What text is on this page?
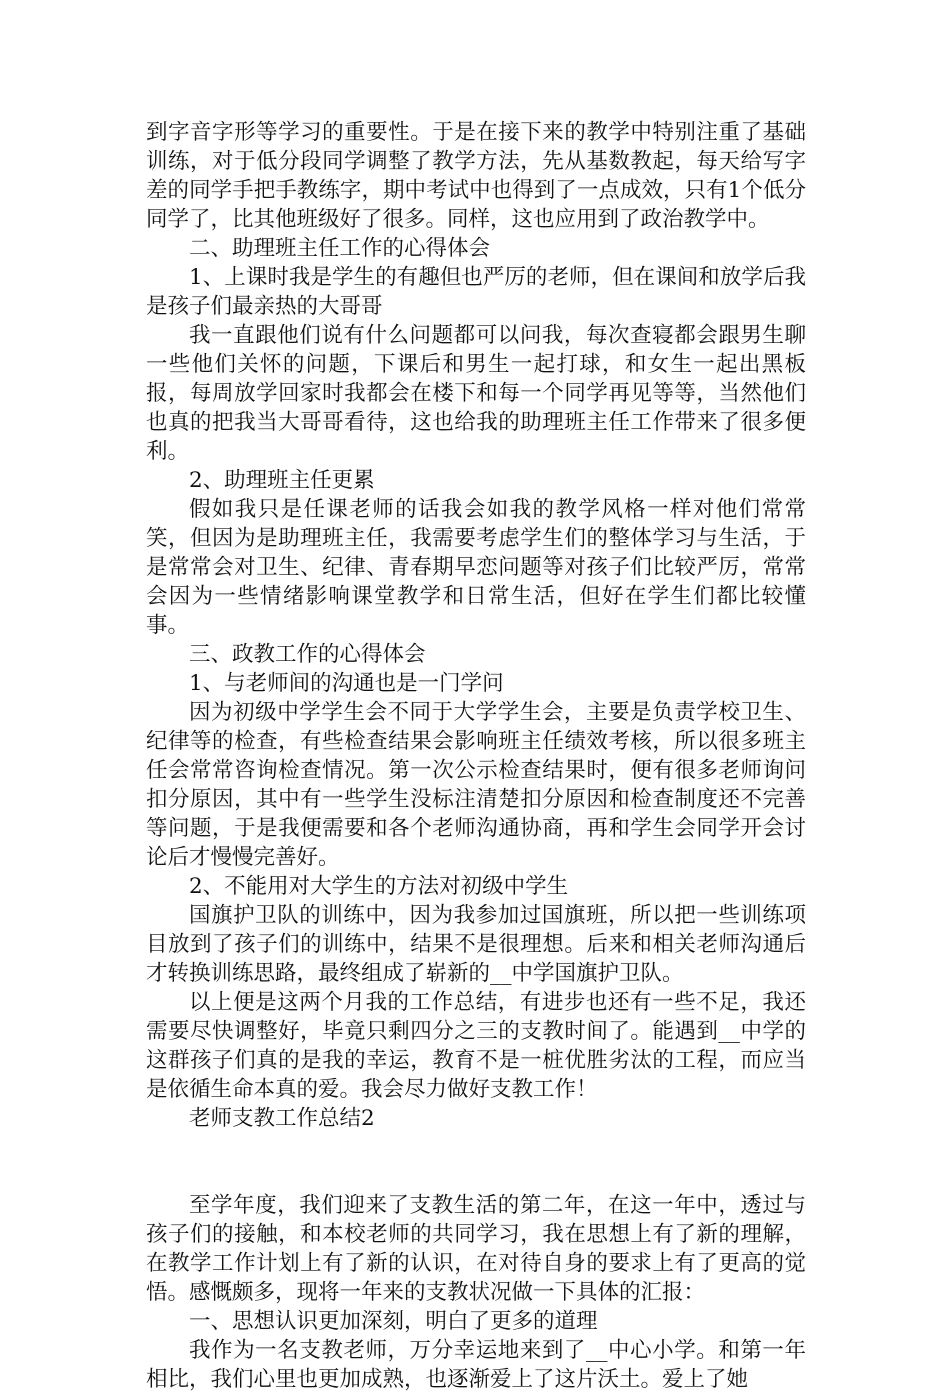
到字音字形等学习的重要性。于是在接下来的教学中特别注重了基础训练，对于低分段同学调整了教学方法，先从基数教起，每天给写字差的同学手把手教练字，期中考试中也得到了一点成效，只有1个低分同学了，比其他班级好了很多。同样，这也应用到了政治教学中。

二、助理班主任工作的心得体会

1、上课时我是学生的有趣但也严厉的老师，但在课间和放学后我是孩子们最亲热的大哥哥

我一直跟他们说有什么问题都可以问我，每次查寝都会跟男生聊一些他们关怀的问题，下课后和男生一起打球，和女生一起出黑板报，每周放学回家时我都会在楼下和每一个同学再见等等，当然他们也真的把我当大哥哥看待，这也给我的助理班主任工作带来了很多便利。

2、助理班主任更累

假如我只是任课老师的话我会如我的教学风格一样对他们常常笑，但因为是助理班主任，我需要考虑学生们的整体学习与生活，于是常常会对卫生、纪律、青春期早恋问题等对孩子们比较严厉，常常会因为一些情绪影响课堂教学和日常生活，但好在学生们都比较懂事。

三、政教工作的心得体会

1、与老师间的沟通也是一门学问

因为初级中学学生会不同于大学学生会，主要是负责学校卫生、纪律等的检查，有些检查结果会影响班主任绩效考核，所以很多班主任会常常咨询检查情况。第一次公示检查结果时，便有很多老师询问扣分原因，其中有一些学生没标注清楚扣分原因和检查制度还不完善等问题，于是我便需要和各个老师沟通协商，再和学生会同学开会讨论后才慢慢完善好。

2、不能用对大学生的方法对初级中学生

国旗护卫队的训练中，因为我参加过国旗班，所以把一些训练项目放到了孩子们的训练中，结果不是很理想。后来和相关老师沟通后才转换训练思路，最终组成了崭新的__中学国旗护卫队。

以上便是这两个月我的工作总结，有进步也还有一些不足，我还需要尽快调整好，毕竟只剩四分之三的支教时间了。能遇到__中学的这群孩子们真的是我的幸运，教育不是一桩优胜劣汰的工程，而应当是依循生命本真的爱。我会尽力做好支教工作！

老师支教工作总结2

至学年度，我们迎来了支教生活的第二年，在这一年中，透过与孩子们的接触，和本校老师的共同学习，我在思想上有了新的理解，在教学工作计划上有了新的认识，在对待自身的要求上有了更高的觉悟。感慨颇多，现将一年来的支教状况做一下具体的汇报：

一、思想认识更加深刻，明白了更多的道理

我作为一名支教老师，万分幸运地来到了__中心小学。和第一年相比，我们心里也更加成熟，也逐渐爱上了这片沃土。爱上了她
